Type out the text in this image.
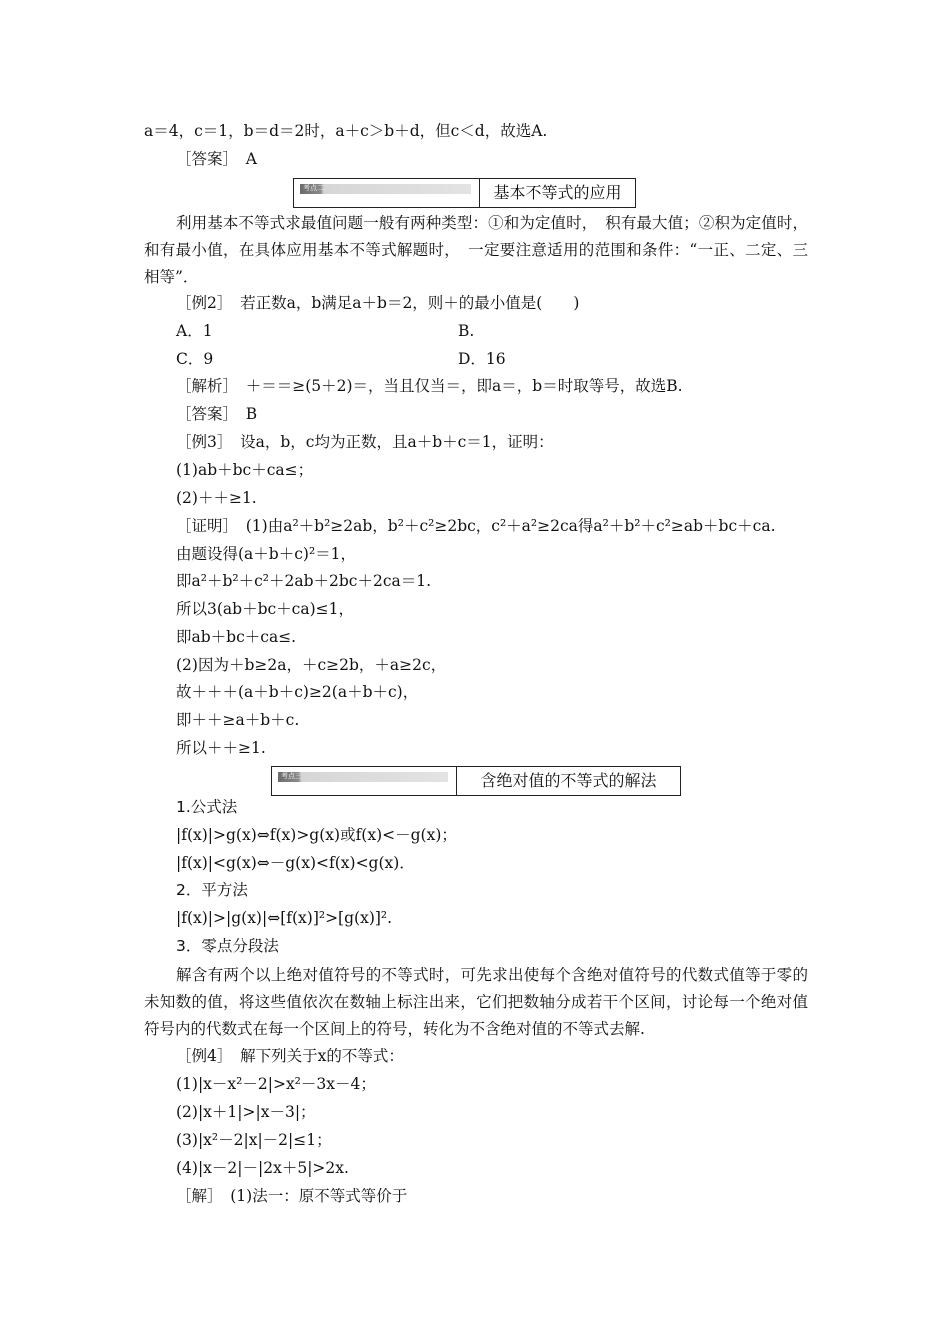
a＝4，c＝1，b＝d＝2时，a＋c＞b＋d，但c＜d，故选A.
［答案］　A
考点二	基本不等式的应用
利用基本不等式求最值问题一般有两种类型：①和为定值时，　积有最大值；②积为定值时，和有最小值，在具体应用基本不等式解题时，　一定要注意适用的范围和条件：“一正、二定、三相等”．
［例2］　若正数a，b满足a＋b＝2，则＋的最小值是(　　)
A．1	B.
C．9	D．16
［解析］　＋＝＝≥(5＋2)＝，当且仅当＝，即a＝，b＝时取等号，故选B.
［答案］　B
［例3］　设a，b，c均为正数，且a＋b＋c＝1，证明：
(1)ab＋bc＋ca≤；
(2)＋＋≥1.
［证明］　(1)由a²＋b²≥2ab，b²＋c²≥2bc，c²＋a²≥2ca得a²＋b²＋c²≥ab＋bc＋ca.
由题设得(a＋b＋c)²＝1，
即a²＋b²＋c²＋2ab＋2bc＋2ca＝1.
所以3(ab＋bc＋ca)≤1，
即ab＋bc＋ca≤.
(2)因为＋b≥2a，＋c≥2b，＋a≥2c，
故＋＋＋(a＋b＋c)≥2(a＋b＋c)，
即＋＋≥a＋b＋c.
所以＋＋≥1.
考点三	含绝对值的不等式的解法
1.公式法
|f(x)|>g(x)⇔f(x)>g(x)或f(x)<－g(x)；
|f(x)|<g(x)⇔－g(x)<f(x)<g(x)．
2．平方法
|f(x)|>|g(x)|⇔[f(x)]²>[g(x)]².
3．零点分段法
解含有两个以上绝对值符号的不等式时，可先求出使每个含绝对值符号的代数式值等于零的未知数的值，将这些值依次在数轴上标注出来，它们把数轴分成若干个区间，讨论每一个绝对值符号内的代数式在每一个区间上的符号，转化为不含绝对值的不等式去解.
［例4］　解下列关于x的不等式：
(1)|x－x²－2|>x²－3x－4；
(2)|x＋1|>|x－3|；
(3)|x²－2|x|－2|≤1；
(4)|x－2|－|2x＋5|>2x.
［解］　(1)法一：原不等式等价于
